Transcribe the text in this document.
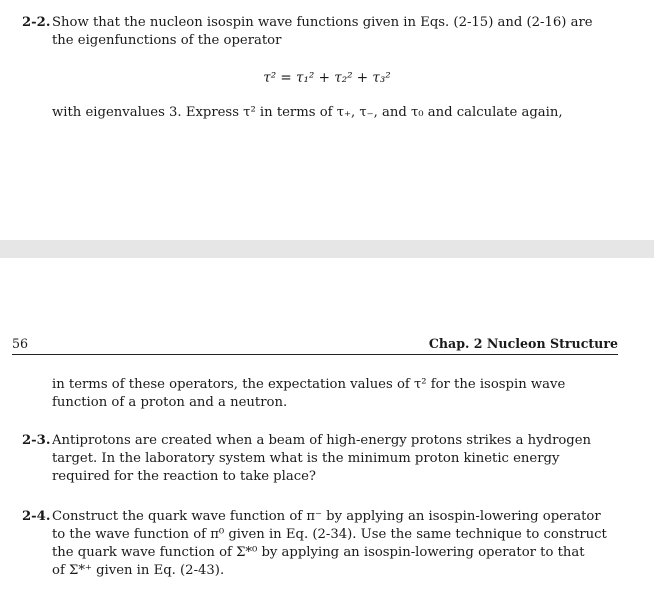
2-2. Show that the nucleon isospin wave functions given in Eqs. (2-15) and (2-16) are
the eigenfunctions of the operator
τ² = τ₁² + τ₂² + τ₃²
with eigenvalues 3. Express τ² in terms of τ₊, τ₋, and τ₀ and calculate again,
56	Chap. 2 Nucleon Structure
in terms of these operators, the expectation values of τ² for the isospin wave
function of a proton and a neutron.
2-3. Antiprotons are created when a beam of high-energy protons strikes a hydrogen
target. In the laboratory system what is the minimum proton kinetic energy
required for the reaction to take place?
2-4. Construct the quark wave function of π⁻ by applying an isospin-lowering operator
to the wave function of π⁰ given in Eq. (2-34). Use the same technique to construct
the quark wave function of Σ*⁰ by applying an isospin-lowering operator to that
of Σ*⁺ given in Eq. (2-43).
